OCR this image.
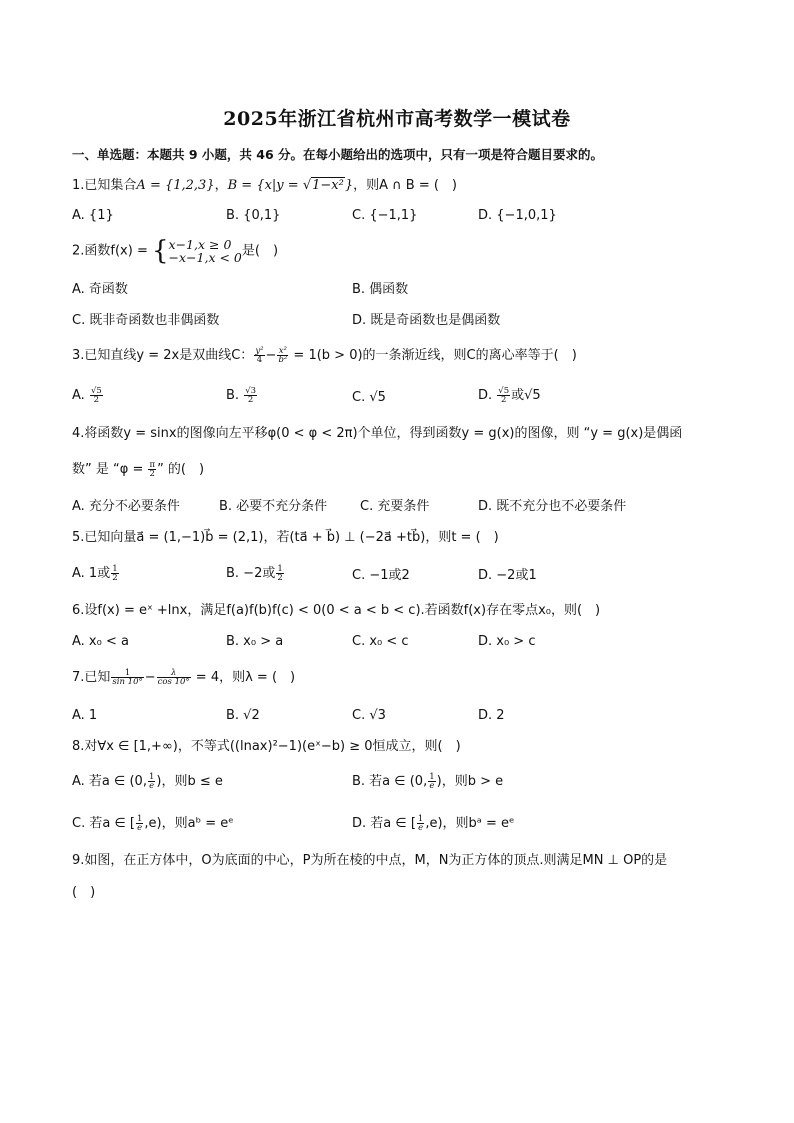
2025年浙江省杭州市高考数学一模试卷
一、单选题：本题共 9 小题，共 46 分。在每小题给出的选项中，只有一项是符合题目要求的。
1.已知集合A = {1,2,3}，B = {x|y = √1−x²}，则A ∩ B = (　)
A. {1}	B. {0,1}	C. {−1,1}	D. {−1,0,1}
2.函数f(x) = { x−1,x ≥ 0
−x−1,x < 0 是(　)
A. 奇函数	B. 偶函数
C. 既非奇函数也非偶函数	D. 既是奇函数也是偶函数
3.已知直线y = 2x是双曲线C： $\frac{\text{y²}}{4} - \frac{\text{x²}}{\text{b²}} = 1(b > 0)$的一条渐近线，则C的离心率等于(　)
A. $\frac{√5}{2}$	B. $\frac{√3}{2}$	C. √5	D. $\frac{√5}{2}$ 或√5
4.将函数y = sinx的图像向左平移φ(0 < φ < 2π)个单位，得到函数y = g(x)的图像，则 “y = g(x)是偶函
数” 是 “$\varphi = \frac{\pi}{2}$ ” 的(　)
A. 充分不必要条件	B. 必要不充分条件	C. 充要条件	D. 既不充分也不必要条件
5.已知向量a⃗ = (1,−1)b⃗ = (2,1)，若(ta⃗ + b⃗) ⊥ (−2a⃗ +tb⃗)，则t = (　)
A. 1或 $\frac{1}{2}$	B. −2或 $\frac{1}{2}$	C. −1或2	D. −2或1
6.设f(x) = eˣ +lnx，满足f(a)f(b)f(c) < 0(0 < a < b < c).若函数f(x)存在零点x₀，则(　)
A. x₀ < a	B. x₀ > a	C. x₀ < c	D. x₀ > c
7.已知 $\frac{1}{\sin 10^\circ} - \frac{\lambda}{\cos 10^\circ} = 4$，则λ = (　)
A. 1	B. √2	C. √3	D. 2
8.对∀x ∈ [1,+∞)，不等式((lnax)²−1)(eˣ−b) ≥ 0恒成立，则(　)
A. 若a ∈ (0, $\frac{1}{e}$ )，则b ≤ e	B. 若a ∈ (0, $\frac{1}{e}$ )，则b > e
C. 若a ∈ [ $\frac{1}{e} ,e$)，则aᵇ = eᵉ	D. 若a ∈ [ $\frac{1}{e} ,e$)，则bᵃ = eᵉ
9.如图，在正方体中，O为底面的中心，P为所在棱的中点，M，N为正方体的顶点.则满足MN ⊥ OP的是
(　)
